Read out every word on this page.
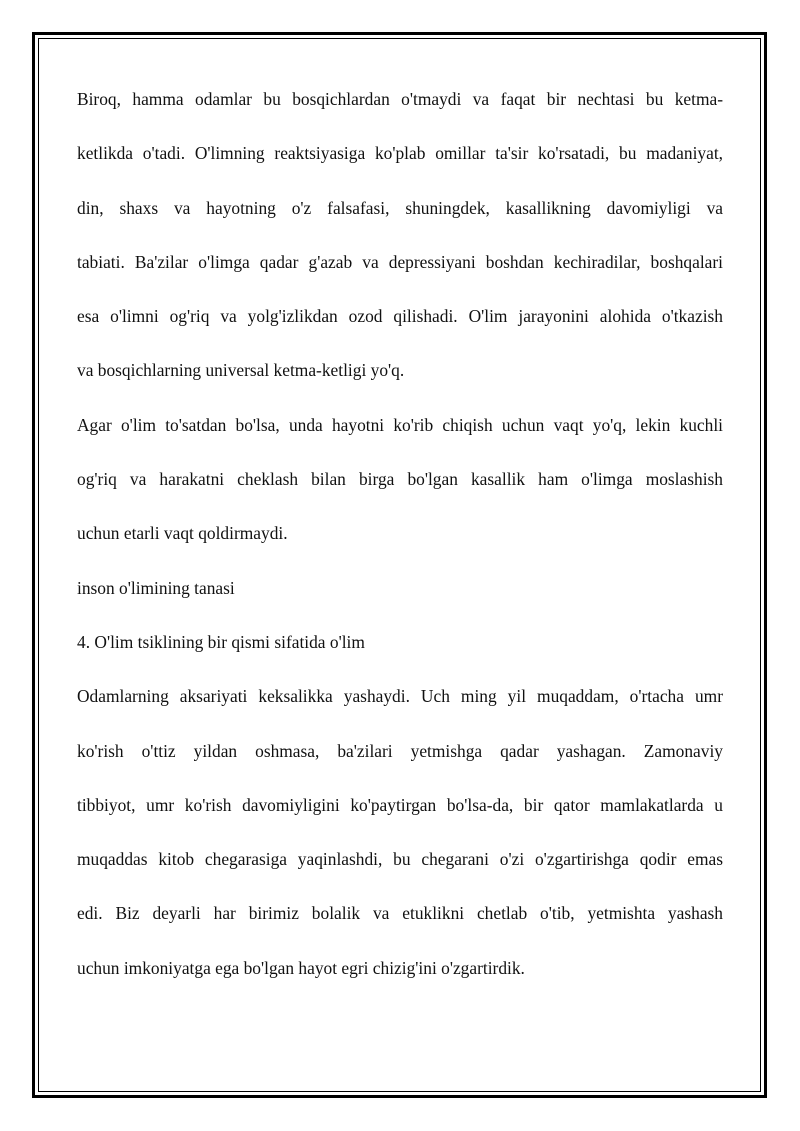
Biroq, hamma odamlar bu bosqichlardan o'tmaydi va faqat bir nechtasi bu ketma-
ketlikda o'tadi. O'limning reaktsiyasiga ko'plab omillar ta'sir ko'rsatadi, bu madaniyat,
din, shaxs va hayotning o'z falsafasi, shuningdek, kasallikning davomiyligi va
tabiati. Ba'zilar o'limga qadar g'azab va depressiyani boshdan kechiradilar, boshqalari
esa o'limni og'riq va yolg'izlikdan ozod qilishadi. O'lim jarayonini alohida o'tkazish
va bosqichlarning universal ketma-ketligi yo'q.

Agar o'lim to'satdan bo'lsa, unda hayotni ko'rib chiqish uchun vaqt yo'q, lekin kuchli
og'riq va harakatni cheklash bilan birga bo'lgan kasallik ham o'limga moslashish
uchun etarli vaqt qoldirmaydi.

inson o'limining tanasi

4. O'lim tsiklining bir qismi sifatida o'lim

Odamlarning aksariyati keksalikka yashaydi. Uch ming yil muqaddam, o'rtacha umr
ko'rish o'ttiz yildan oshmasa, ba'zilari yetmishga qadar yashagan. Zamonaviy
tibbiyot, umr ko'rish davomiyligini ko'paytirgan bo'lsa-da, bir qator mamlakatlarda u
muqaddas kitob chegarasiga yaqinlashdi, bu chegarani o'zi o'zgartirishga qodir emas
edi. Biz deyarli har birimiz bolalik va etuklikni chetlab o'tib, yetmishta yashash
uchun imkoniyatga ega bo'lgan hayot egri chizig'ini o'zgartirdik.
